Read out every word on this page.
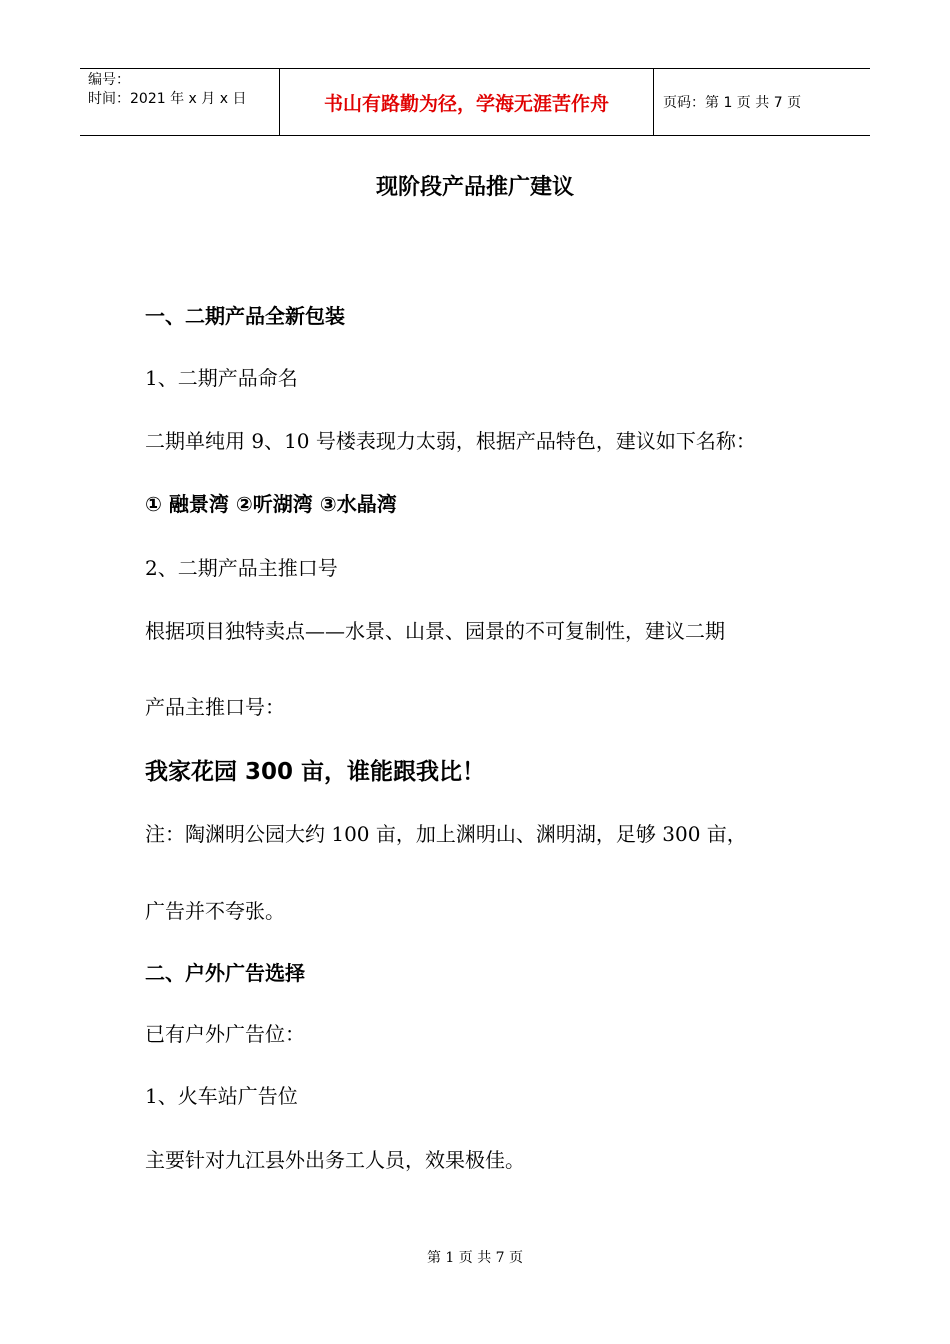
编号：
时间：2021 年 x 月 x 日	书山有路勤为径，学海无涯苦作舟	页码：第 1 页 共 7 页
现阶段产品推广建议
一、二期产品全新包装
1、二期产品命名
二期单纯用 9、10 号楼表现力太弱，根据产品特色，建议如下名称：
① 融景湾 ②听湖湾 ③水晶湾
2、二期产品主推口号
根据项目独特卖点——水景、山景、园景的不可复制性，建议二期
产品主推口号：
我家花园 300 亩，谁能跟我比！
注：陶渊明公园大约 100 亩，加上渊明山、渊明湖，足够 300 亩，
广告并不夸张。
二、户外广告选择
已有户外广告位：
1、火车站广告位
主要针对九江县外出务工人员，效果极佳。
第 1 页 共 7 页
